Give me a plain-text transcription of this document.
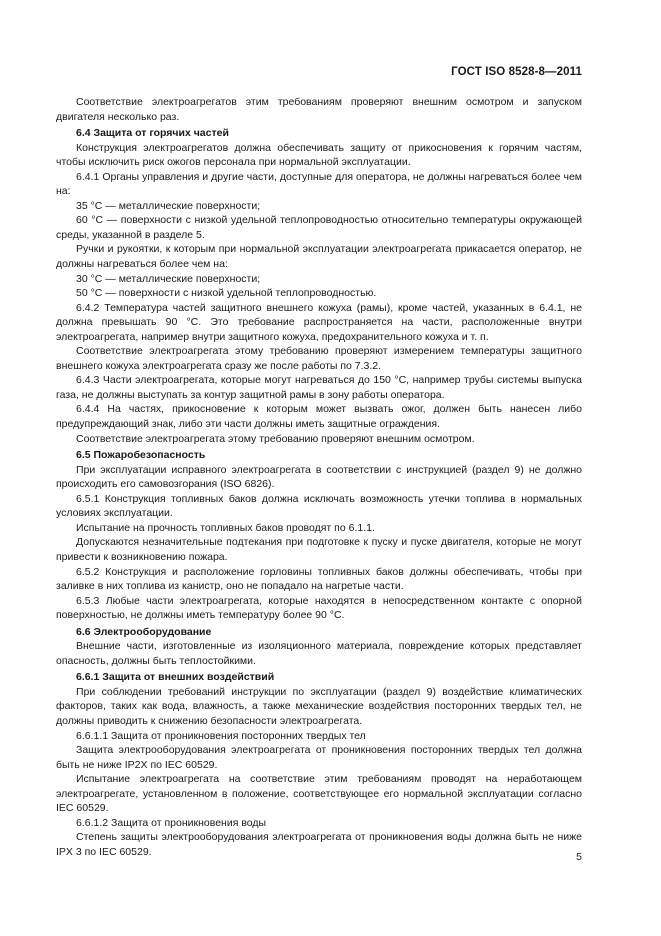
ГОСТ ISO 8528-8—2011

Соответствие электроагрегатов этим требованиям проверяют внешним осмотром и запуском двигателя несколько раз.

6.4 Защита от горячих частей

Конструкция электроагрегатов должна обеспечивать защиту от прикосновения к горячим частям, чтобы исключить риск ожогов персонала при нормальной эксплуатации.

6.4.1 Органы управления и другие части, доступные для оператора, не должны нагреваться более чем на:

35 °C — металлические поверхности;

60 °C — поверхности с низкой удельной теплопроводностью относительно температуры окружающей среды, указанной в разделе 5.

Ручки и рукоятки, к которым при нормальной эксплуатации электроагрегата прикасается оператор, не должны нагреваться более чем на:

30 °C — металлические поверхности;

50 °C — поверхности с низкой удельной теплопроводностью.

6.4.2 Температура частей защитного внешнего кожуха (рамы), кроме частей, указанных в 6.4.1, не должна превышать 90 °C. Это требование распространяется на части, расположенные внутри электроагрегата, например внутри защитного кожуха, предохранительного кожуха и т. п.

Соответствие электроагрегата этому требованию проверяют измерением температуры защитного внешнего кожуха электроагрегата сразу же после работы по 7.3.2.

6.4.3 Части электроагрегата, которые могут нагреваться до 150 °C, например трубы системы выпуска газа, не должны выступать за контур защитной рамы в зону работы оператора.

6.4.4 На частях, прикосновение к которым может вызвать ожог, должен быть нанесен либо предупреждающий знак, либо эти части должны иметь защитные ограждения.

Соответствие электроагрегата этому требованию проверяют внешним осмотром.

6.5 Пожаробезопасность

При эксплуатации исправного электроагрегата в соответствии с инструкцией (раздел 9) не должно происходить его самовозгорания (ISO 6826).

6.5.1 Конструкция топливных баков должна исключать возможность утечки топлива в нормальных условиях эксплуатации.

Испытание на прочность топливных баков проводят по 6.1.1.

Допускаются незначительные подтекания при подготовке к пуску и пуске двигателя, которые не могут привести к возникновению пожара.

6.5.2 Конструкция и расположение горловины топливных баков должны обеспечивать, чтобы при заливке в них топлива из канистр, оно не попадало на нагретые части.

6.5.3 Любые части электроагрегата, которые находятся в непосредственном контакте с опорной поверхностью, не должны иметь температуру более 90 °C.

6.6 Электрооборудование

Внешние части, изготовленные из изоляционного материала, повреждение которых представляет опасность, должны быть теплостойкими.

6.6.1 Защита от внешних воздействий

При соблюдении требований инструкции по эксплуатации (раздел 9) воздействие климатических факторов, таких как вода, влажность, а также механические воздействия посторонних твердых тел, не должны приводить к снижению безопасности электроагрегата.

6.6.1.1 Защита от проникновения посторонних твердых тел

Защита электрооборудования электроагрегата от проникновения посторонних твердых тел должна быть не ниже IP2X по IEC 60529.

Испытание электроагрегата на соответствие этим требованиям проводят на неработающем электроагрегате, установленном в положение, соответствующее его нормальной эксплуатации согласно IEC 60529.

6.6.1.2 Защита от проникновения воды

Степень защиты электрооборудования электроагрегата от проникновения воды должна быть не ниже IPX 3 по IEC 60529.	5
